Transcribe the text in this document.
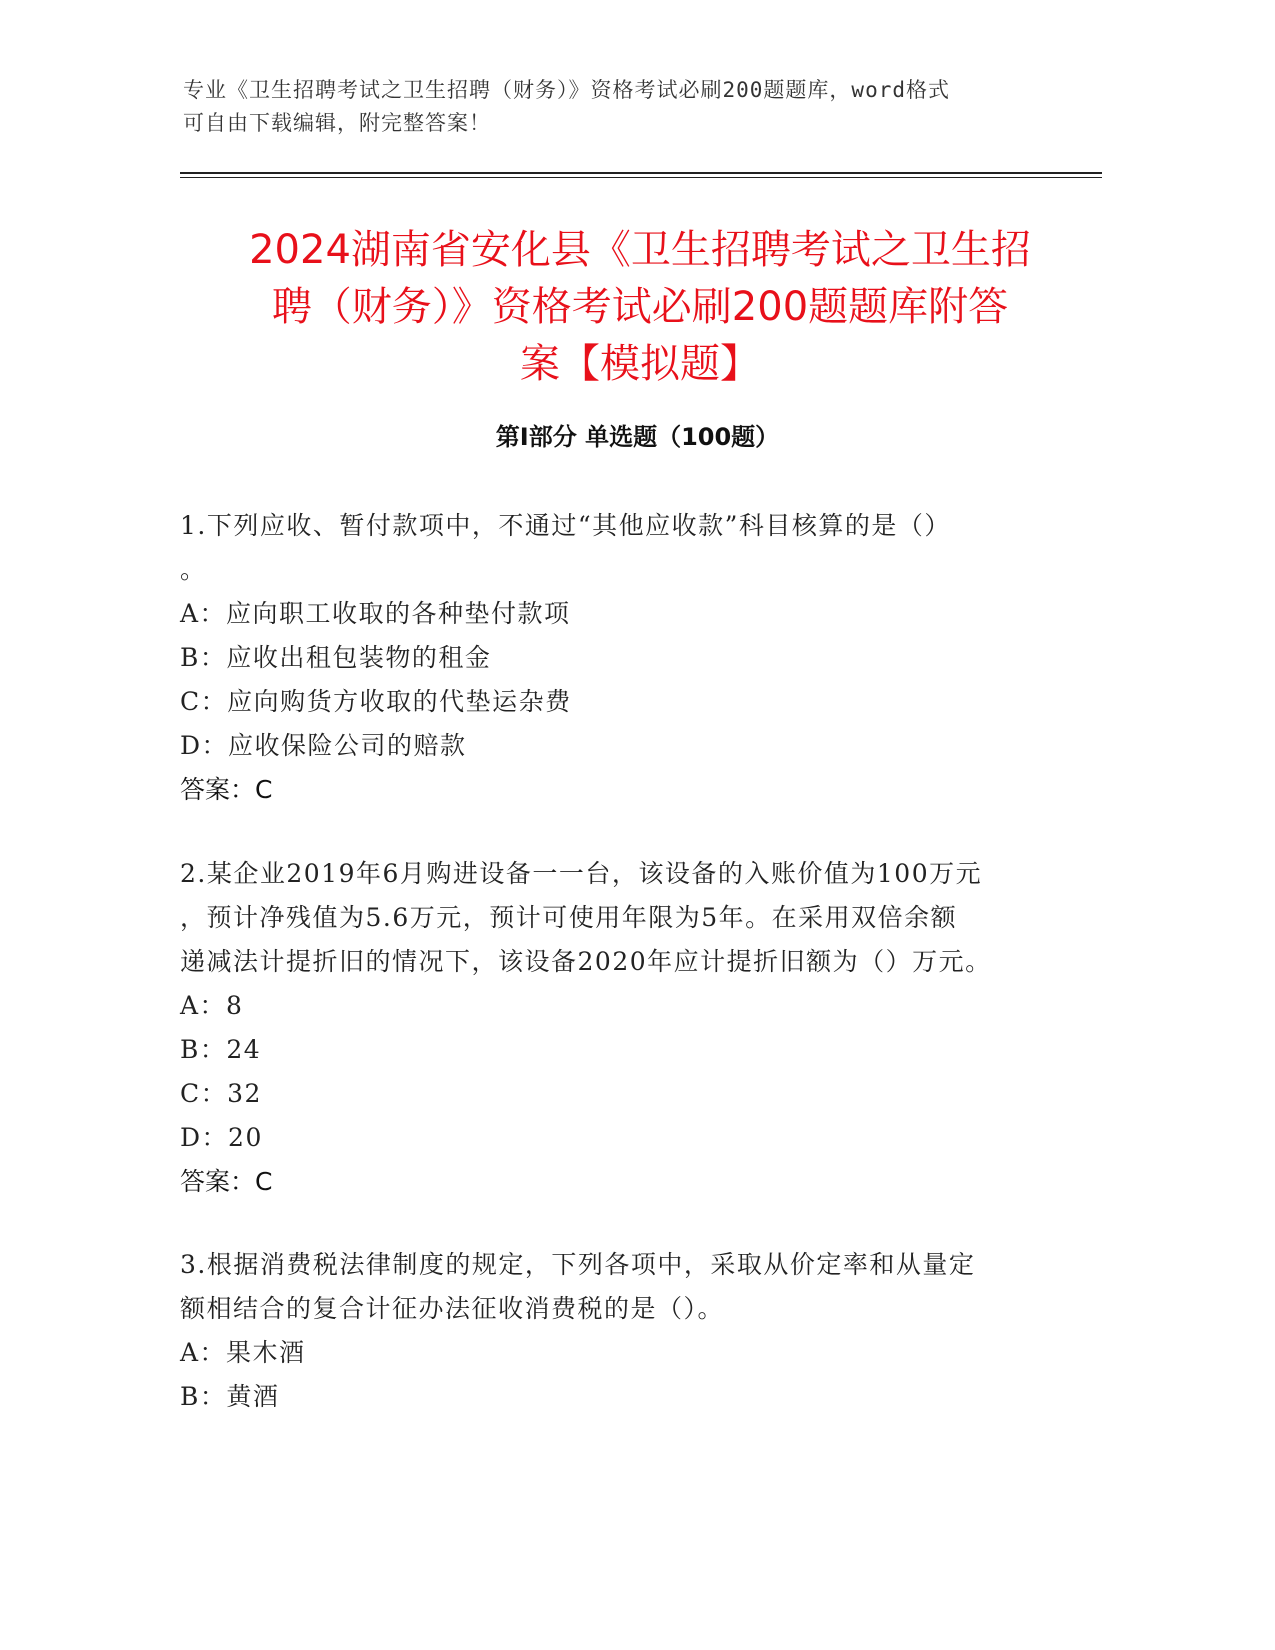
专业《卫生招聘考试之卫生招聘（财务）》资格考试必刷200题题库，word格式
可自由下载编辑，附完整答案！
2024湖南省安化县《卫生招聘考试之卫生招
聘（财务）》资格考试必刷200题题库附答
案【模拟题】
第Ⅰ部分 单选题（100题）

1.下列应收、暂付款项中，不通过“其他应收款”科目核算的是（）

。

A：应向职工收取的各种垫付款项

B：应收出租包装物的租金

C：应向购货方收取的代垫运杂费

D：应收保险公司的赔款

答案：C

2.某企业2019年6月购进设备一一台，该设备的入账价值为100万元

，预计净残值为5.6万元，预计可使用年限为5年。在采用双倍余额

递减法计提折旧的情况下，该设备2020年应计提折旧额为（）万元。

A：8

B：24

C：32

D：20

答案：C

3.根据消费税法律制度的规定，下列各项中，采取从价定率和从量定

额相结合的复合计征办法征收消费税的是（）。

A：果木酒

B：黄酒
